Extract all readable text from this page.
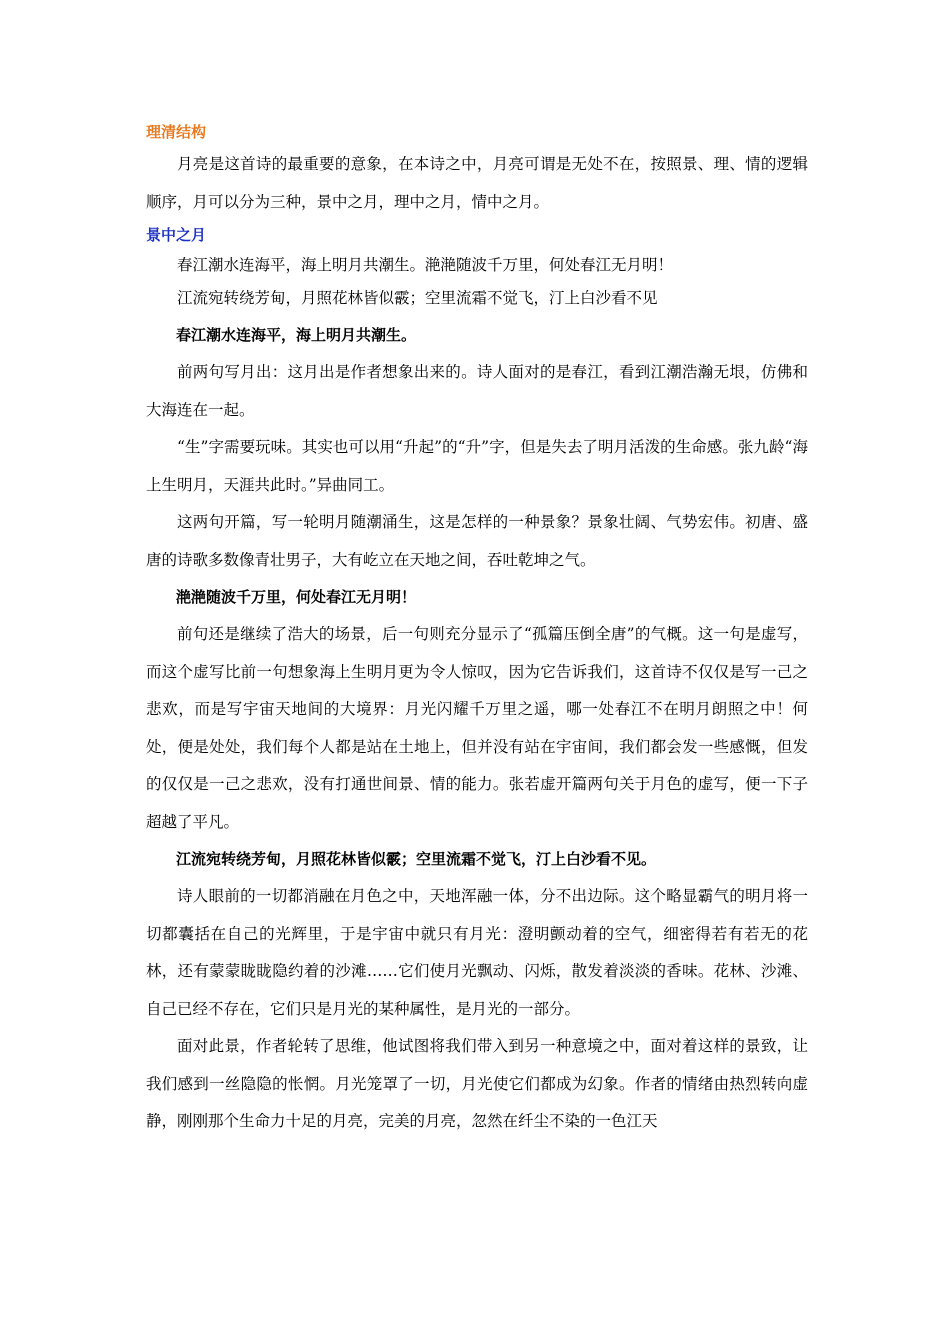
理清结构

月亮是这首诗的最重要的意象，在本诗之中，月亮可谓是无处不在，按照景、理、情的逻辑顺序，月可以分为三种，景中之月，理中之月，情中之月。

景中之月

春江潮水连海平，海上明月共潮生。滟滟随波千万里，何处春江无月明！

江流宛转绕芳甸，月照花林皆似霰；空里流霜不觉飞，汀上白沙看不见

春江潮水连海平，海上明月共潮生。

前两句写月出：这月出是作者想象出来的。诗人面对的是春江，看到江潮浩瀚无垠，仿佛和大海连在一起。

“生”字需要玩味。其实也可以用“升起”的“升”字，但是失去了明月活泼的生命感。张九龄“海上生明月，天涯共此时。”异曲同工。

这两句开篇，写一轮明月随潮涌生，这是怎样的一种景象？景象壮阔、气势宏伟。初唐、盛唐的诗歌多数像青壮男子，大有屹立在天地之间，吞吐乾坤之气。

滟滟随波千万里，何处春江无月明！

前句还是继续了浩大的场景，后一句则充分显示了“孤篇压倒全唐”的气概。这一句是虚写，而这个虚写比前一句想象海上生明月更为令人惊叹，因为它告诉我们，这首诗不仅仅是写一己之悲欢，而是写宇宙天地间的大境界：月光闪耀千万里之遥，哪一处春江不在明月朗照之中！何处，便是处处，我们每个人都是站在土地上，但并没有站在宇宙间，我们都会发一些感慨，但发的仅仅是一己之悲欢，没有打通世间景、情的能力。张若虚开篇两句关于月色的虚写，便一下子超越了平凡。

江流宛转绕芳甸，月照花林皆似霰；空里流霜不觉飞，汀上白沙看不见。

诗人眼前的一切都消融在月色之中，天地浑融一体，分不出边际。这个略显霸气的明月将一切都囊括在自己的光辉里，于是宇宙中就只有月光：澄明颤动着的空气，细密得若有若无的花林，还有蒙蒙眬眬隐约着的沙滩……它们使月光飘动、闪烁，散发着淡淡的香味。花林、沙滩、自己已经不存在，它们只是月光的某种属性，是月光的一部分。

面对此景，作者轮转了思维，他试图将我们带入到另一种意境之中，面对着这样的景致，让我们感到一丝隐隐的怅惘。月光笼罩了一切，月光使它们都成为幻象。作者的情绪由热烈转向虚静，刚刚那个生命力十足的月亮，完美的月亮，忽然在纤尘不染的一色江天
